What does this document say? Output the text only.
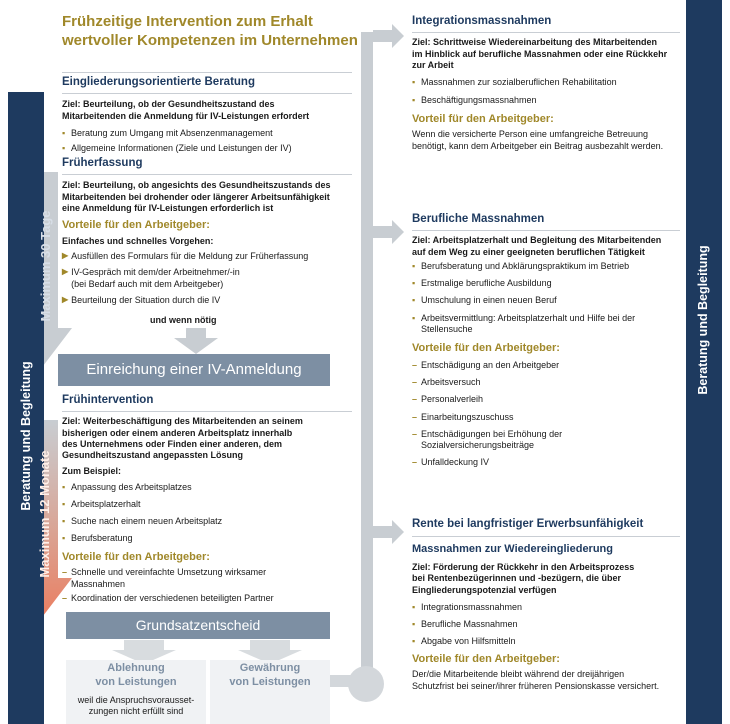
Beratung und Begleitung
Maximum 30 Tage
Maximum 12 Monate
Beratung und Begleitung
Frühzeitige Intervention zum Erhalt
wertvoller Kompetenzen im Unternehmen
Eingliederungsorientierte Beratung
Ziel: Beurteilung, ob der Gesundheitszustand des
Mitarbeitenden die Anmeldung für IV-Leistungen erfordert
▪ Beratung zum Umgang mit Absenzenmanagement
▪ Allgemeine Informationen (Ziele und Leistungen der IV)
Früherfassung
Ziel: Beurteilung, ob angesichts des Gesundheitszustands des
Mitarbeitenden bei drohender oder längerer Arbeitsunfähigkeit
eine Anmeldung für IV-Leistungen erforderlich ist
Vorteile für den Arbeitgeber:
Einfaches und schnelles Vorgehen:
▶ Ausfüllen des Formulars für die Meldung zur Früherfassung
▶ IV-Gespräch mit dem/der Arbeitnehmer/-in
(bei Bedarf auch mit dem Arbeitgeber)
▶ Beurteilung der Situation durch die IV
und wenn nötig
Einreichung einer IV-Anmeldung
Frühintervention
Ziel: Weiterbeschäftigung des Mitarbeitenden an seinem
bisherigen oder einem anderen Arbeitsplatz innerhalb
des Unternehmens oder Finden einer anderen, dem
Gesundheitszustand angepassten Lösung
Zum Beispiel:
▪ Anpassung des Arbeitsplatzes
▪ Arbeitsplatzerhalt
▪ Suche nach einem neuen Arbeitsplatz
▪ Berufsberatung
Vorteile für den Arbeitgeber:
– Schnelle und vereinfachte Umsetzung wirksamer
Massnahmen
– Koordination der verschiedenen beteiligten Partner
Grundsatzentscheid
Ablehnung
von Leistungen
weil die Anspruchsvorausset-
zungen nicht erfüllt sind
Gewährung
von Leistungen
Integrationsmassnahmen
Ziel: Schrittweise Wiedereinarbeitung des Mitarbeitenden
im Hinblick auf berufliche Massnahmen oder eine Rückkehr
zur Arbeit
▪ Massnahmen zur sozialberuflichen Rehabilitation
▪ Beschäftigungsmassnahmen
Vorteil für den Arbeitgeber:
Wenn die versicherte Person eine umfangreiche Betreuung
benötigt, kann dem Arbeitgeber ein Beitrag ausbezahlt werden.
Berufliche Massnahmen
Ziel: Arbeitsplatzerhalt und Begleitung des Mitarbeitenden
auf dem Weg zu einer geeigneten beruflichen Tätigkeit
▪ Berufsberatung und Abklärungspraktikum im Betrieb
▪ Erstmalige berufliche Ausbildung
▪ Umschulung in einen neuen Beruf
▪ Arbeitsvermittlung: Arbeitsplatzerhalt und Hilfe bei der
Stellensuche
Vorteile für den Arbeitgeber:
– Entschädigung an den Arbeitgeber
– Arbeitsversuch
– Personalverleih
– Einarbeitungszuschuss
– Entschädigungen bei Erhöhung der
Sozialversicherungsbeiträge
– Unfalldeckung IV
Rente bei langfristiger Erwerbsunfähigkeit
Massnahmen zur Wiedereingliederung
Ziel: Förderung der Rückkehr in den Arbeitsprozess
bei Rentenbezügerinnen und -bezügern, die über
Eingliederungspotenzial verfügen
▪ Integrationsmassnahmen
▪ Berufliche Massnahmen
▪ Abgabe von Hilfsmitteln
Vorteile für den Arbeitgeber:
Der/die Mitarbeitende bleibt während der dreijährigen
Schutzfrist bei seiner/ihrer früheren Pensionskasse versichert.
